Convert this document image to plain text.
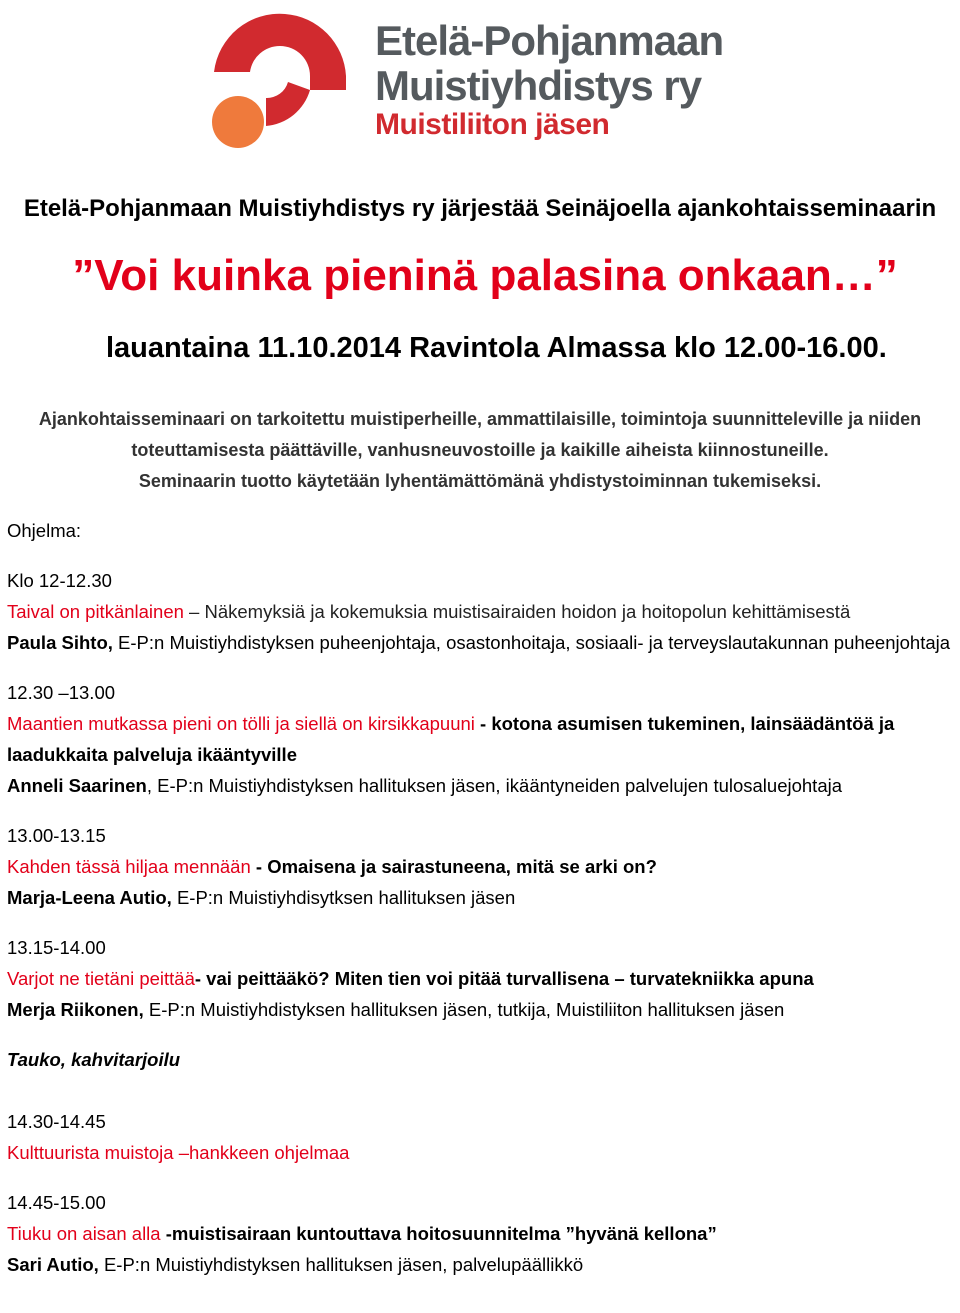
Etelä-Pohjanmaan
Muistiyhdistys ry
Muistiliiton jäsen
Etelä-Pohjanmaan Muistiyhdistys ry järjestää Seinäjoella ajankohtaisseminaarin
”Voi kuinka pieninä palasina onkaan…”
lauantaina 11.10.2014 Ravintola Almassa klo 12.00-16.00.

Ajankohtaisseminaari on tarkoitettu muistiperheille, ammattilaisille, toimintoja suunnitteleville ja niiden toteuttamisesta päättäville, vanhusneuvostoille ja kaikille aiheista kiinnostuneille.

Seminaarin tuotto käytetään lyhentämättömänä yhdistystoiminnan tukemiseksi.

Ohjelma:

Klo 12-12.30

Taival on pitkänlainen – Näkemyksiä ja kokemuksia muistisairaiden hoidon ja hoitopolun kehittämisestä

Paula Sihto, E-P:n Muistiyhdistyksen puheenjohtaja, osastonhoitaja, sosiaali- ja terveyslautakunnan puheenjohtaja

12.30 –13.00

Maantien mutkassa pieni on tölli ja siellä on kirsikkapuuni - kotona asumisen tukeminen, lainsäädäntöä ja laadukkaita palveluja ikääntyville

Anneli Saarinen, E-P:n Muistiyhdistyksen hallituksen jäsen, ikääntyneiden palvelujen tulosaluejohtaja

13.00-13.15

Kahden tässä hiljaa mennään - Omaisena ja sairastuneena, mitä se arki on?

Marja-Leena Autio, E-P:n Muistiyhdisytksen hallituksen jäsen

13.15-14.00

Varjot ne tietäni peittää- vai peittääkö? Miten tien voi pitää turvallisena – turvatekniikka apuna

Merja Riikonen, E-P:n Muistiyhdistyksen hallituksen jäsen, tutkija, Muistiliiton hallituksen jäsen

Tauko, kahvitarjoilu

14.30-14.45

Kulttuurista muistoja –hankkeen ohjelmaa

14.45-15.00

Tiuku on aisan alla -muistisairaan kuntouttava hoitosuunnitelma ”hyvänä kellona”

Sari Autio, E-P:n Muistiyhdistyksen hallituksen jäsen, palvelupäällikkö
